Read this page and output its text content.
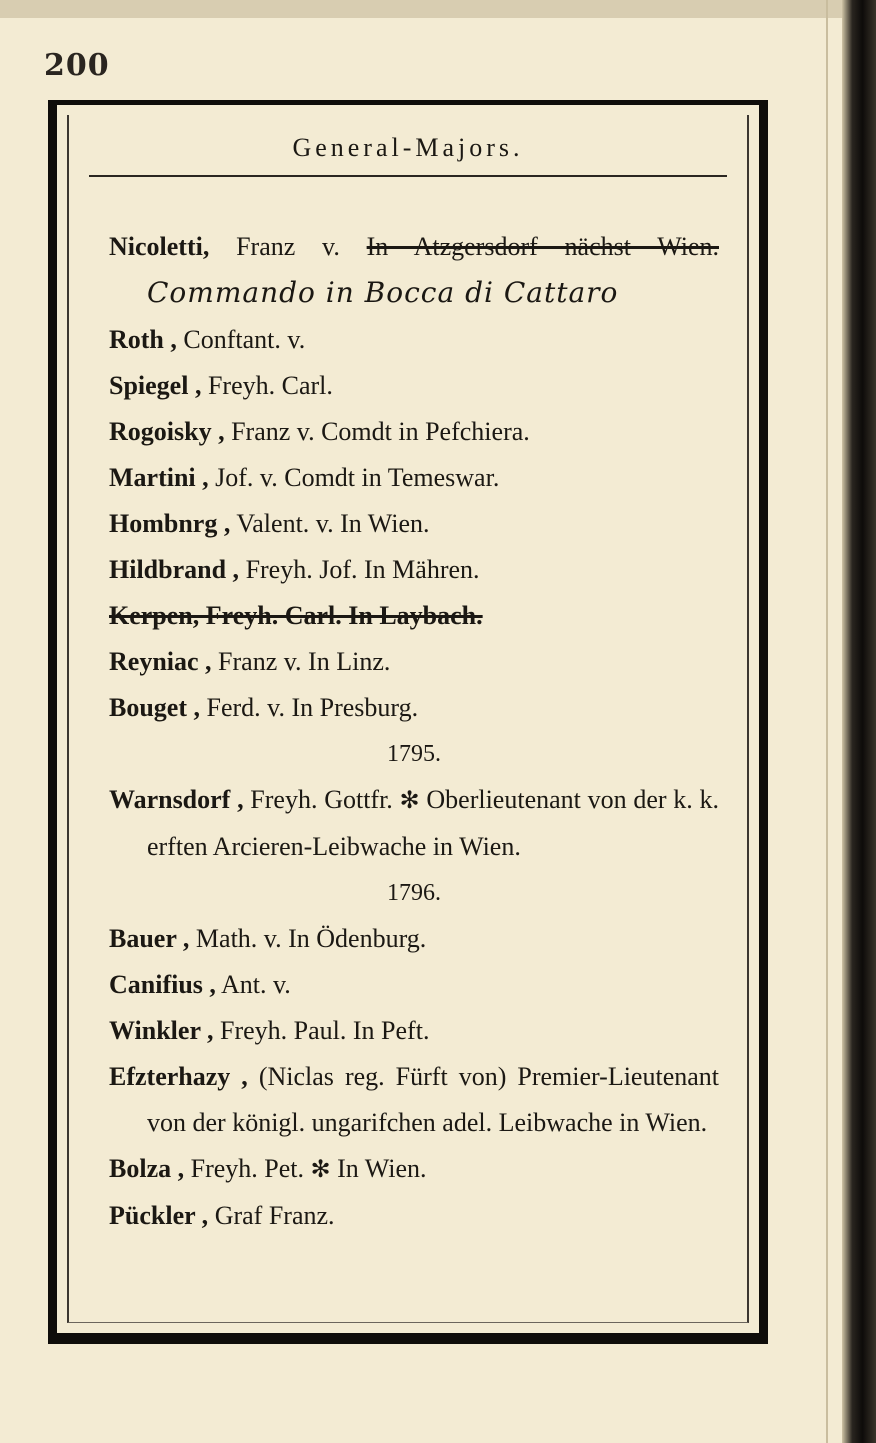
200
General-Majors.
Nicoletti, Franz v. In Atzgersdorf nächst Wien. Commando in Bocca di Cattaro
Roth , Conftant. v.
Spiegel , Freyh. Carl.
Rogoisky , Franz v. Comdt in Pefchiera.
Martini , Jof. v. Comdt in Temeswar.
Hombnrg , Valent. v. In Wien.
Hildbrand , Freyh. Jof. In Mähren.
Kerpen, Freyh. Carl. In Laybach.
Reyniac , Franz v. In Linz.
Bouget , Ferd. v. In Presburg.
1795.
Warnsdorf , Freyh. Gottfr. ✻ Oberlieutenant von der k. k. erften Arcieren-Leibwache in Wien.
1796.
Bauer , Math. v. In Ödenburg.
Canifius , Ant. v.
Winkler , Freyh. Paul. In Peft.
Efzterhazy , (Niclas reg. Fürft von) Premier-Lieutenant von der königl. ungarifchen adel. Leibwache in Wien.
Bolza , Freyh. Pet. ✻ In Wien.
Pückler , Graf Franz.
